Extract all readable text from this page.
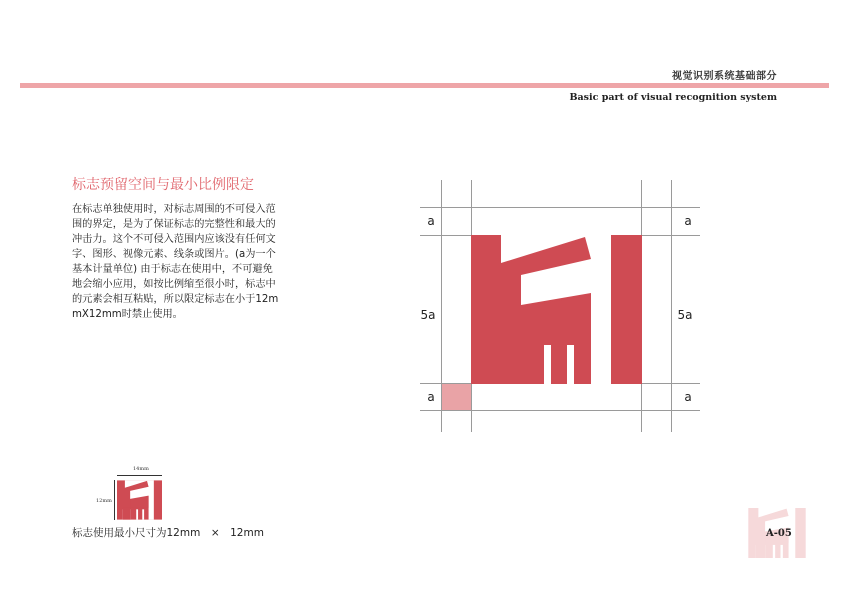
视觉识别系统基础部分
Basic part of visual recognition system
标志预留空间与最小比例限定
在标志单独使用时，对标志周围的不可侵入范
围的界定，是为了保证标志的完整性和最大的
冲击力。这个不可侵入范围内应该没有任何文
字、图形、视像元素、线条或图片。(a为一个
基本计量单位) 由于标志在使用中，不可避免
地会缩小应用，如按比例缩至很小时，标志中
的元素会相互粘贴，所以限定标志在小于12m
mX12mm时禁止使用。
a	a
5a	5a
a	a
14mm
12mm
标志使用最小尺寸为12mm　×　12mm	A-05
